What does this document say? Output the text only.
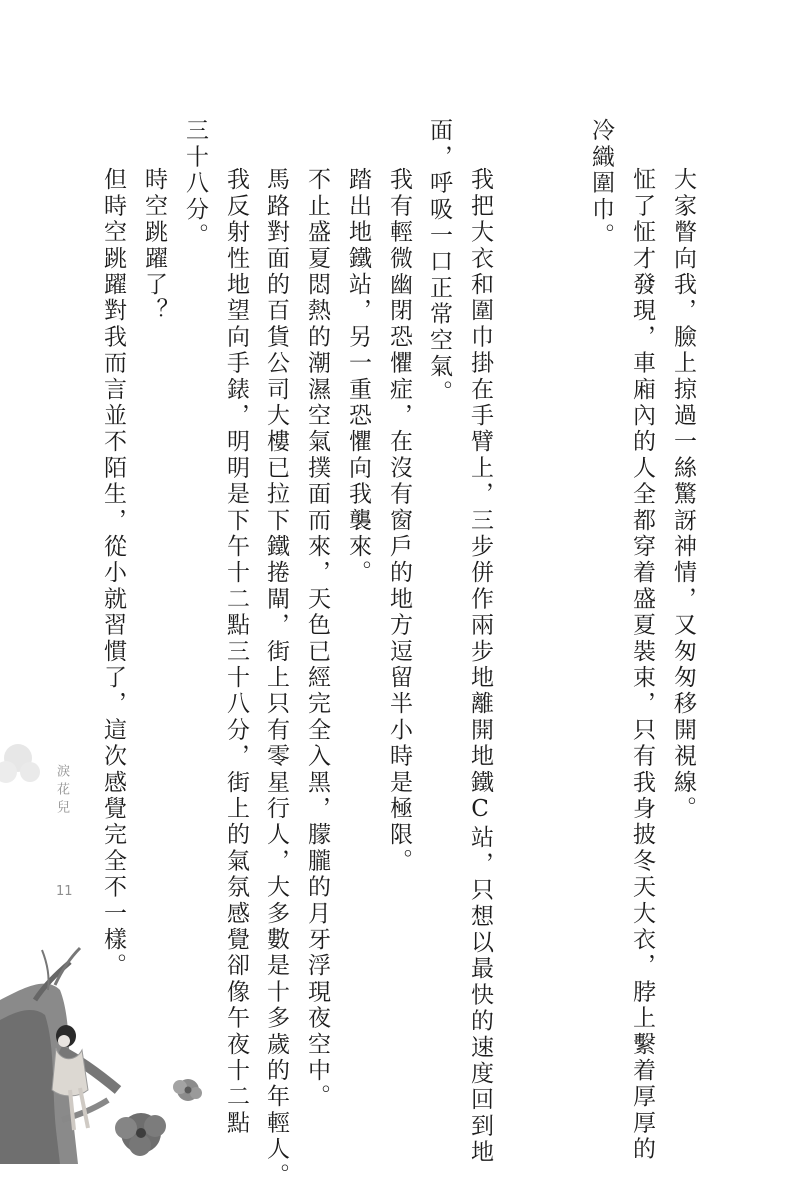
大家瞥向我，臉上掠過一絲驚訝神情，又匆匆移開視線。
怔了怔才發現，車廂內的人全都穿着盛夏裝束，只有我身披冬天大衣，脖上繫着厚厚的
冷織圍巾。
我把大衣和圍巾掛在手臂上，三步併作兩步地離開地鐵C站，只想以最快的速度回到地
面，呼吸一口正常空氣。
我有輕微幽閉恐懼症，在沒有窗戶的地方逗留半小時是極限。
踏出地鐵站，另一重恐懼向我襲來。
不止盛夏悶熱的潮濕空氣撲面而來，天色已經完全入黑，朦朧的月牙浮現夜空中。
馬路對面的百貨公司大樓已拉下鐵捲閘，街上只有零星行人，大多數是十多歲的年輕人。
我反射性地望向手錶，明明是下午十二點三十八分，街上的氣氛感覺卻像午夜十二點
三十八分。
時空跳躍了？
但時空跳躍對我而言並不陌生，從小就習慣了，這次感覺完全不一樣。
淚花兒
11
